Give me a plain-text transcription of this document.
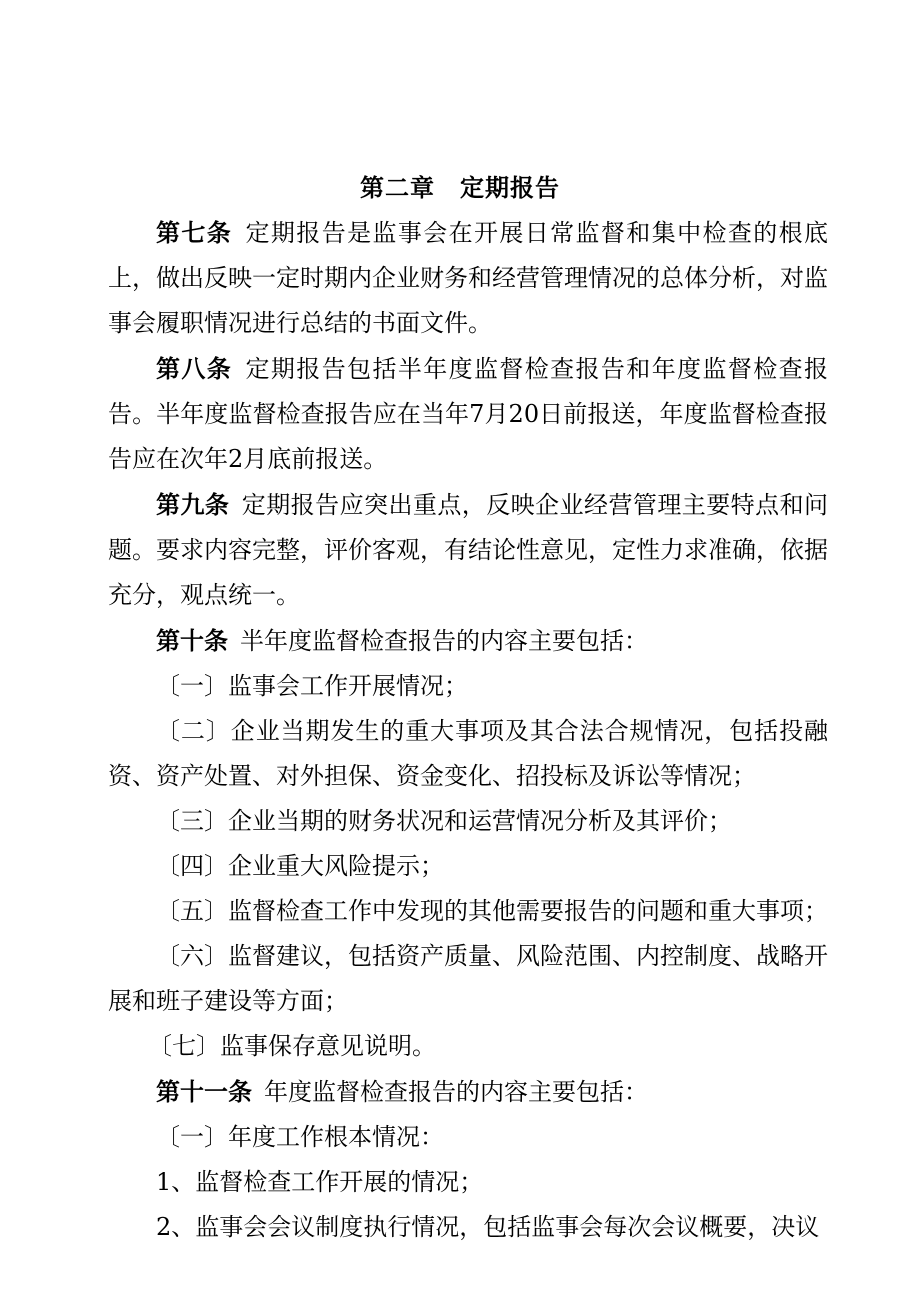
第二章　定期报告

第七条 定期报告是监事会在开展日常监督和集中检查的根底上，做出反映一定时期内企业财务和经营管理情况的总体分析，对监事会履职情况进行总结的书面文件。

第八条 定期报告包括半年度监督检查报告和年度监督检查报告。半年度监督检查报告应在当年7月20日前报送，年度监督检查报告应在次年2月底前报送。

第九条 定期报告应突出重点，反映企业经营管理主要特点和问题。要求内容完整，评价客观，有结论性意见，定性力求准确，依据充分，观点统一。

第十条 半年度监督检查报告的内容主要包括：

〔一〕监事会工作开展情况；

〔二〕企业当期发生的重大事项及其合法合规情况，包括投融资、资产处置、对外担保、资金变化、招投标及诉讼等情况；

〔三〕企业当期的财务状况和运营情况分析及其评价；

〔四〕企业重大风险提示；

〔五〕监督检查工作中发现的其他需要报告的问题和重大事项；

〔六〕监督建议，包括资产质量、风险范围、内控制度、战略开展和班子建设等方面；

〔七〕监事保存意见说明。

第十一条 年度监督检查报告的内容主要包括：

〔一〕年度工作根本情况：

1、监督检查工作开展的情况；

2、监事会会议制度执行情况，包括监事会每次会议概要，决议
